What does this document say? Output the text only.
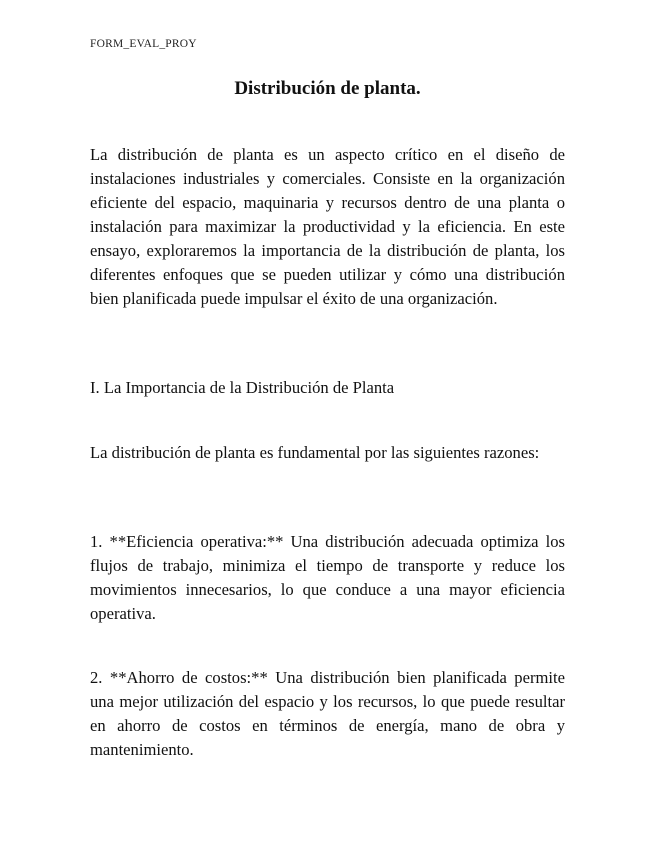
FORM_EVAL_PROY
Distribución de planta.

La distribución de planta es un aspecto crítico en el diseño de instalaciones industriales y comerciales. Consiste en la organización eficiente del espacio, maquinaria y recursos dentro de una planta o instalación para maximizar la productividad y la eficiencia. En este ensayo, exploraremos la importancia de la distribución de planta, los diferentes enfoques que se pueden utilizar y cómo una distribución bien planificada puede impulsar el éxito de una organización.

I. La Importancia de la Distribución de Planta

La distribución de planta es fundamental por las siguientes razones:

1. **Eficiencia operativa:** Una distribución adecuada optimiza los flujos de trabajo, minimiza el tiempo de transporte y reduce los movimientos innecesarios, lo que conduce a una mayor eficiencia operativa.

2. **Ahorro de costos:** Una distribución bien planificada permite una mejor utilización del espacio y los recursos, lo que puede resultar en ahorro de costos en términos de energía, mano de obra y mantenimiento.
